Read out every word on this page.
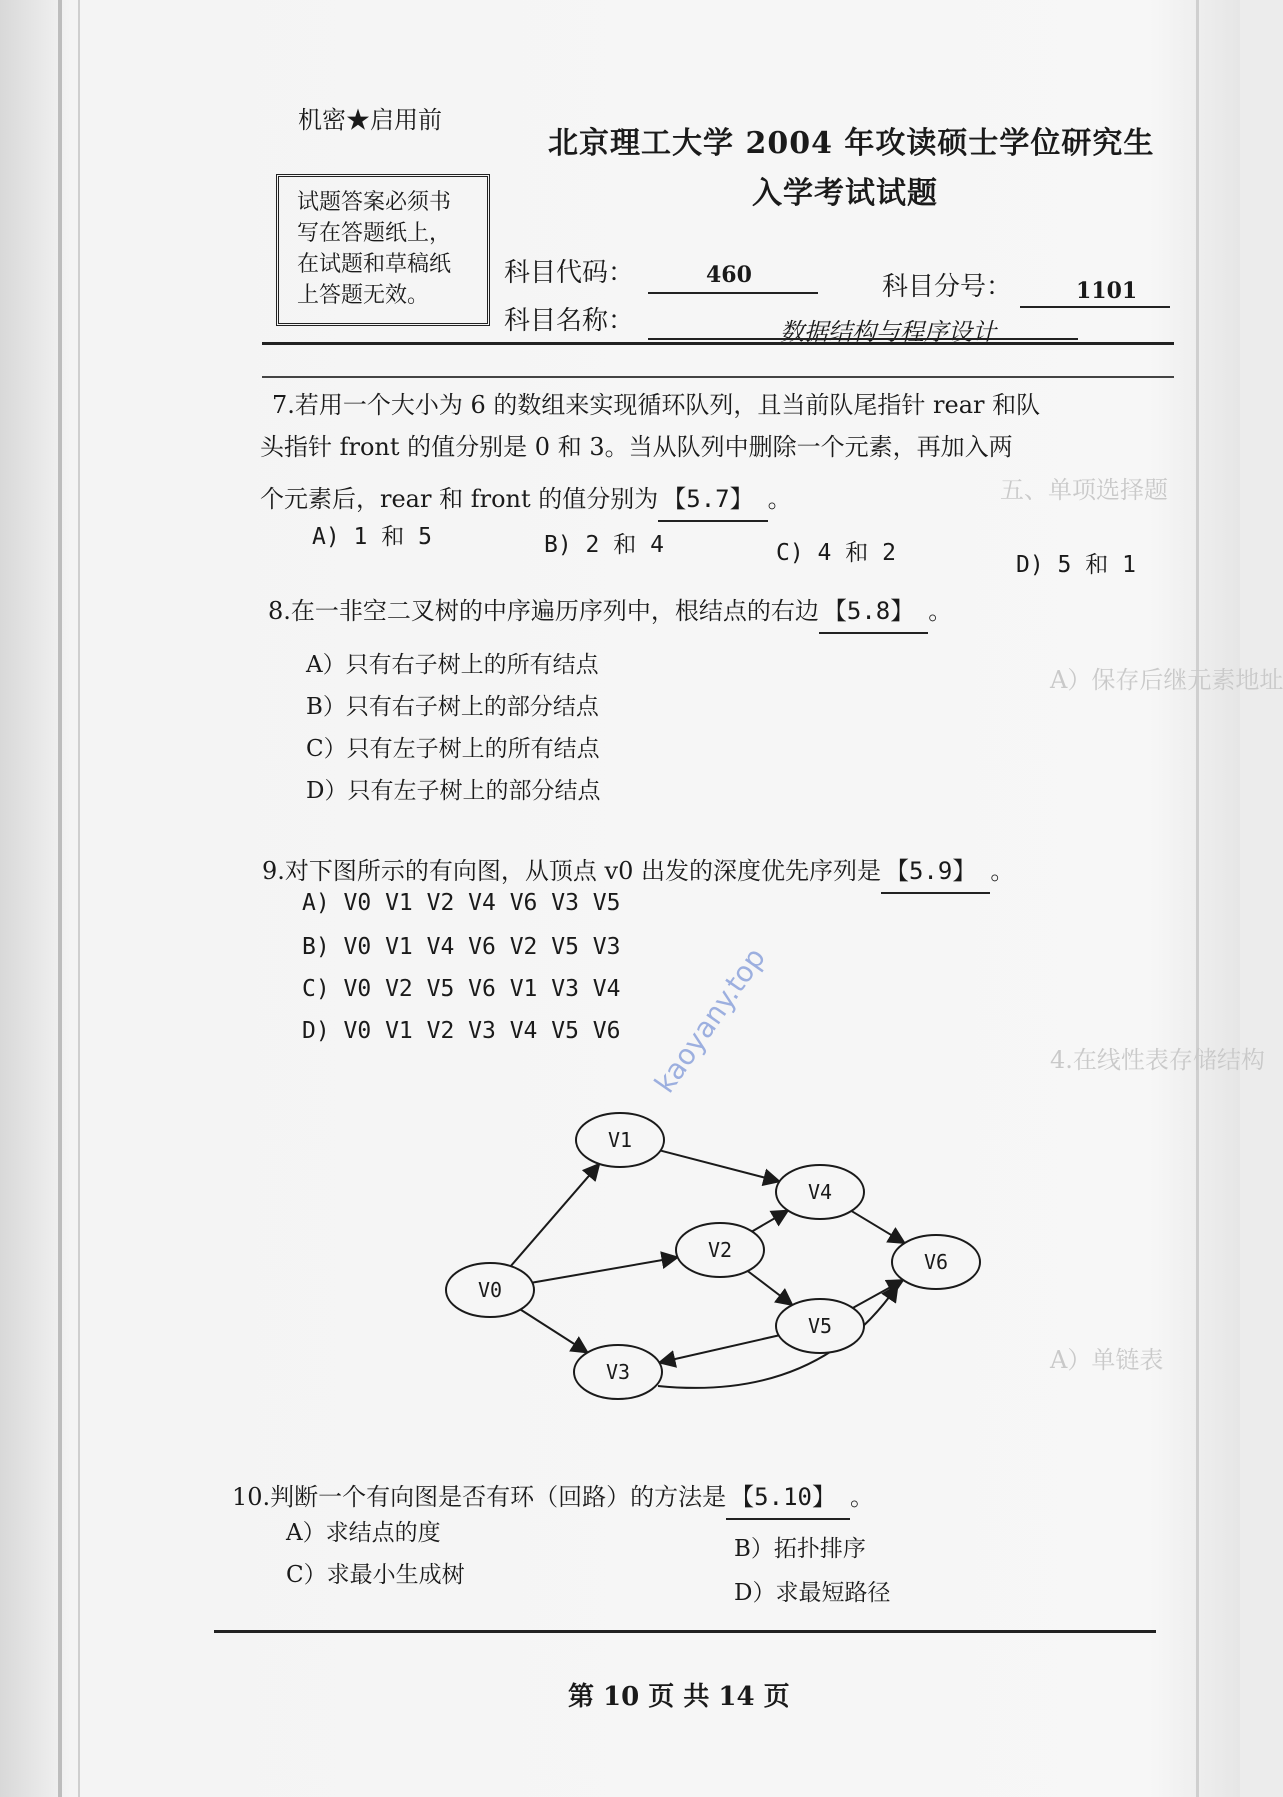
五、单项选择题
A）保存后继元素地址
4.在线性表存储结构
A）单链表
机密★启用前
北京理工大学 2004 年攻读硕士学位研究生
入学考试试题
试题答案必须书
写在答题纸上，
在试题和草稿纸
上答题无效。
科目代码：	460	科目分号：	1101
科目名称：	数据结构与程序设计
7.若用一个大小为 6 的数组来实现循环队列，且当前队尾指针 rear 和队
头指针 front 的值分别是 0 和 3。当从队列中删除一个元素，再加入两
个元素后，rear 和 front 的值分别为 【5.7】 。
A) 1 和 5	B) 2 和 4	C) 4 和 2	D) 5 和 1
8.在一非空二叉树的中序遍历序列中，根结点的右边 【5.8】 。
A）只有右子树上的所有结点
B）只有右子树上的部分结点
C）只有左子树上的所有结点
D）只有左子树上的部分结点
9.对下图所示的有向图，从顶点 v0 出发的深度优先序列是 【5.9】 。
A) V0 V1 V2 V4 V6 V3 V5
B) V0 V1 V4 V6 V2 V5 V3
C) V0 V2 V5 V6 V1 V3 V4
D) V0 V1 V2 V3 V4 V5 V6
V0
V1
V2
V3
V4
V5
V6
kaoyany.top
10.判断一个有向图是否有环（回路）的方法是 【5.10】 。
A）求结点的度
B）拓扑排序
C）求最小生成树
D）求最短路径
第 10 页 共 14 页
